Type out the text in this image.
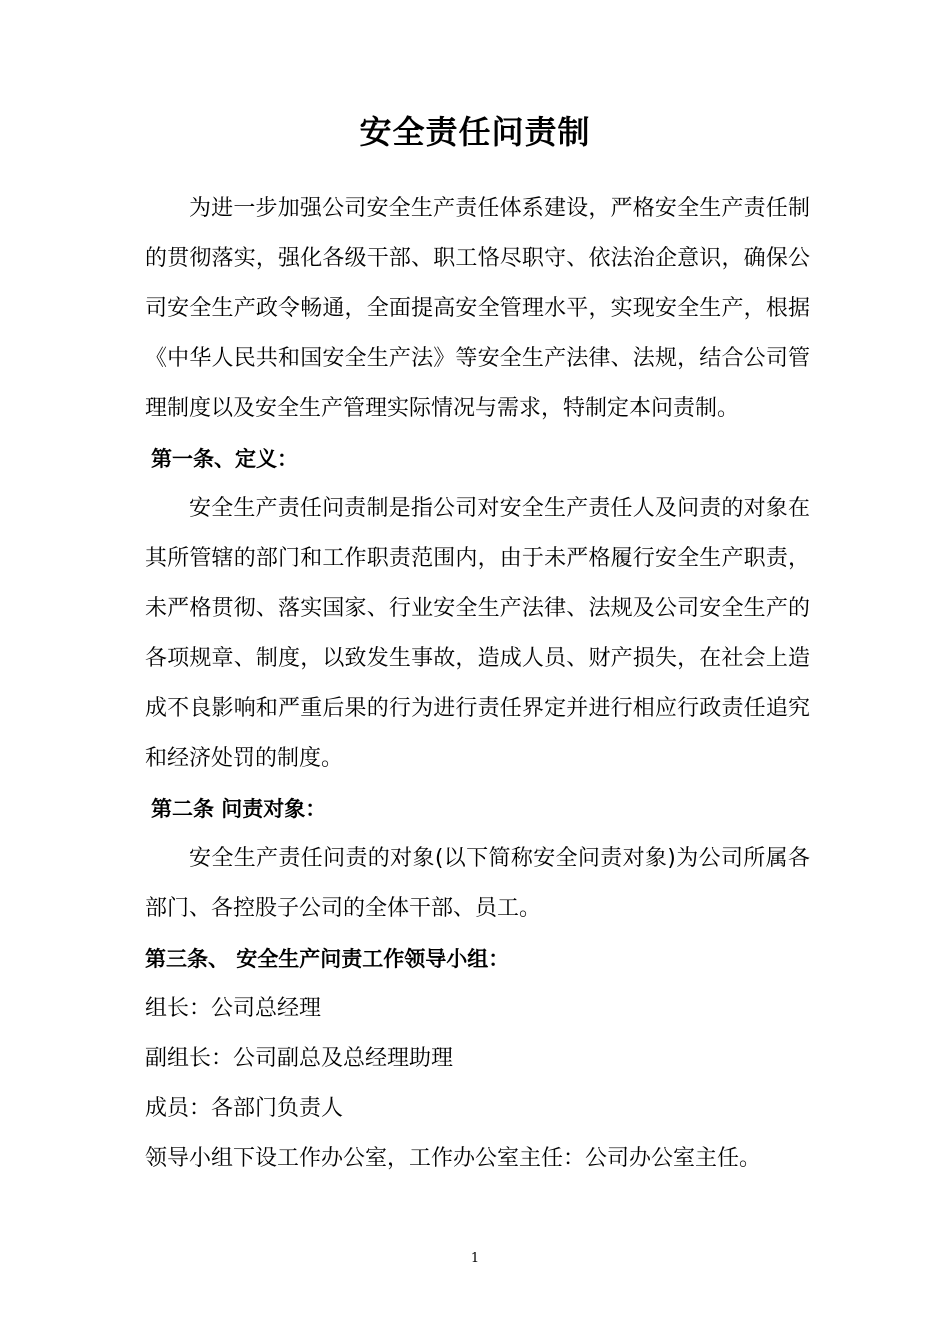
安全责任问责制

为进一步加强公司安全生产责任体系建设，严格安全生产责任制的贯彻落实，强化各级干部、职工恪尽职守、依法治企意识，确保公司安全生产政令畅通，全面提高安全管理水平，实现安全生产，根据《中华人民共和国安全生产法》等安全生产法律、法规，结合公司管理制度以及安全生产管理实际情况与需求，特制定本问责制。

第一条、定义：

安全生产责任问责制是指公司对安全生产责任人及问责的对象在其所管辖的部门和工作职责范围内，由于未严格履行安全生产职责，未严格贯彻、落实国家、行业安全生产法律、法规及公司安全生产的各项规章、制度，以致发生事故，造成人员、财产损失，在社会上造成不良影响和严重后果的行为进行责任界定并进行相应行政责任追究和经济处罚的制度。

第二条 问责对象：

安全生产责任问责的对象(以下简称安全问责对象)为公司所属各部门、各控股子公司的全体干部、员工。

第三条、 安全生产问责工作领导小组：

组长：公司总经理

副组长：公司副总及总经理助理

成员：各部门负责人

领导小组下设工作办公室，工作办公室主任：公司办公室主任。

1
